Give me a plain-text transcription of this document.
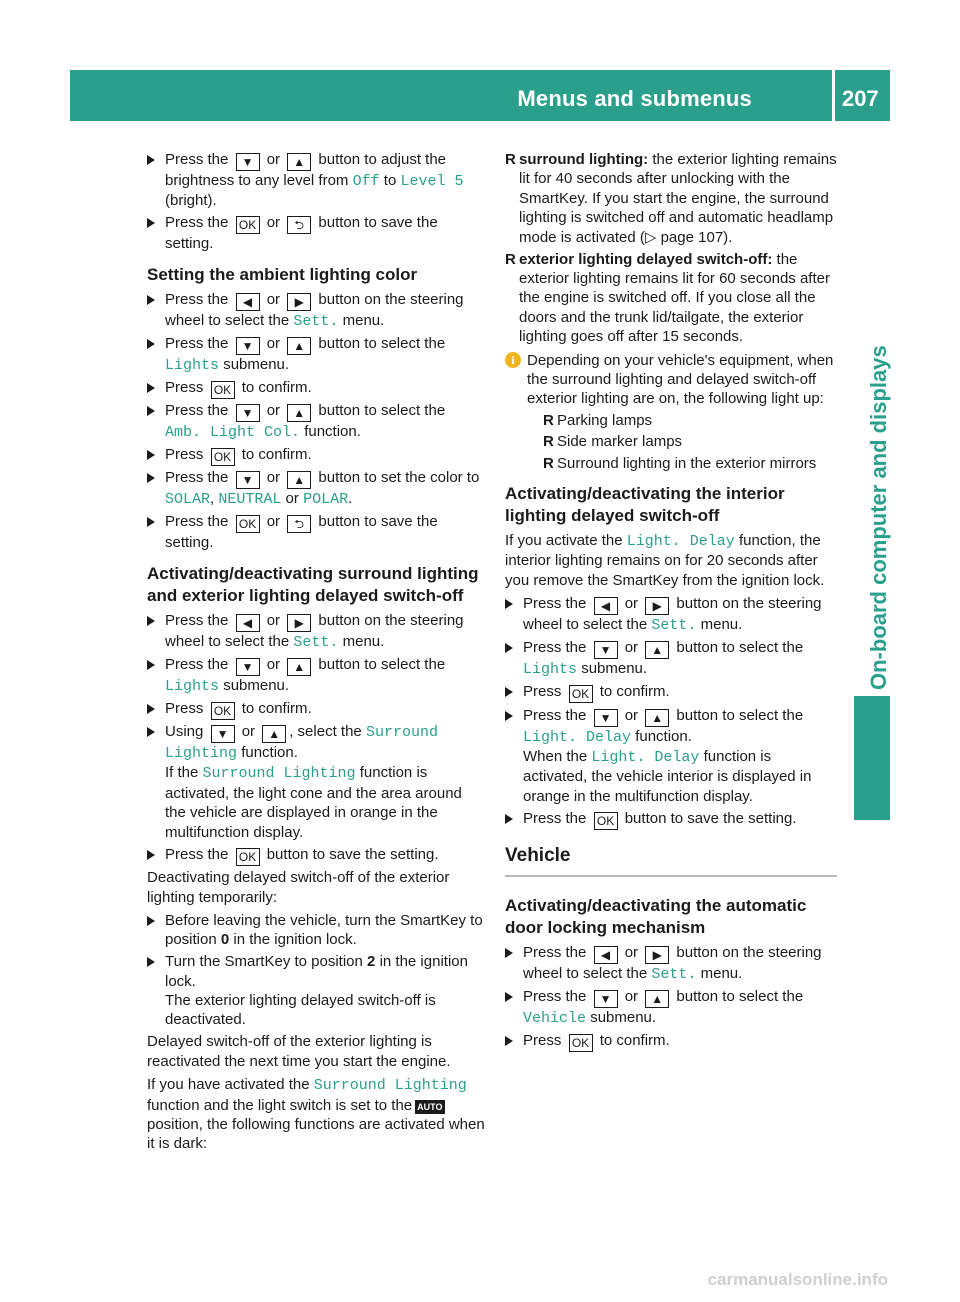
Menus and submenus	207
On-board computer and displays
Press the ▼ or ▲ button to adjust the brightness to any level from Off to Level 5 (bright).
Press the OK or ⮌ button to save the setting.
Setting the ambient lighting color
Press the ◀ or ▶ button on the steering wheel to select the Sett. menu.
Press the ▼ or ▲ button to select the Lights submenu.
Press OK to confirm.
Press the ▼ or ▲ button to select the Amb. Light Col. function.
Press OK to confirm.
Press the ▼ or ▲ button to set the color to SOLAR, NEUTRAL or POLAR.
Press the OK or ⮌ button to save the setting.
Activating/deactivating surround lighting and exterior lighting delayed switch-off
Press the ◀ or ▶ button on the steering wheel to select the Sett. menu.
Press the ▼ or ▲ button to select the Lights submenu.
Press OK to confirm.
Using ▼ or ▲ , select the Surround Lighting function.
If the Surround Lighting function is activated, the light cone and the area around the vehicle are displayed in orange in the multifunction display.
Press the OK button to save the setting.

Deactivating delayed switch-off of the exterior lighting temporarily:

Before leaving the vehicle, turn the SmartKey to position 0 in the ignition lock.
Turn the SmartKey to position 2 in the ignition lock.
The exterior lighting delayed switch-off is deactivated.

Delayed switch-off of the exterior lighting is reactivated the next time you start the engine.

If you have activated the Surround Lighting function and the light switch is set to the AUTO position, the following functions are activated when it is dark:

R surround lighting: the exterior lighting remains lit for 40 seconds after unlocking with the SmartKey. If you start the engine, the surround lighting is switched off and automatic headlamp mode is activated (▷ page 107).
R exterior lighting delayed switch-off: the exterior lighting remains lit for 60 seconds after the engine is switched off. If you close all the doors and the trunk lid/tailgate, the exterior lighting goes off after 15 seconds.
i Depending on your vehicle's equipment, when the surround lighting and delayed switch-off exterior lighting are on, the following light up:
R Parking lamps
R Side marker lamps
R Surround lighting in the exterior mirrors
Activating/deactivating the interior lighting delayed switch-off

If you activate the Light. Delay function, the interior lighting remains on for 20 seconds after you remove the SmartKey from the ignition lock.

Press the ◀ or ▶ button on the steering wheel to select the Sett. menu.
Press the ▼ or ▲ button to select the Lights submenu.
Press OK to confirm.
Press the ▼ or ▲ button to select the Light. Delay function.
When the Light. Delay function is activated, the vehicle interior is displayed in orange in the multifunction display.
Press the OK button to save the setting.
Vehicle
Activating/deactivating the automatic door locking mechanism
Press the ◀ or ▶ button on the steering wheel to select the Sett. menu.
Press the ▼ or ▲ button to select the Vehicle submenu.
Press OK to confirm.
carmanualsonline.info
